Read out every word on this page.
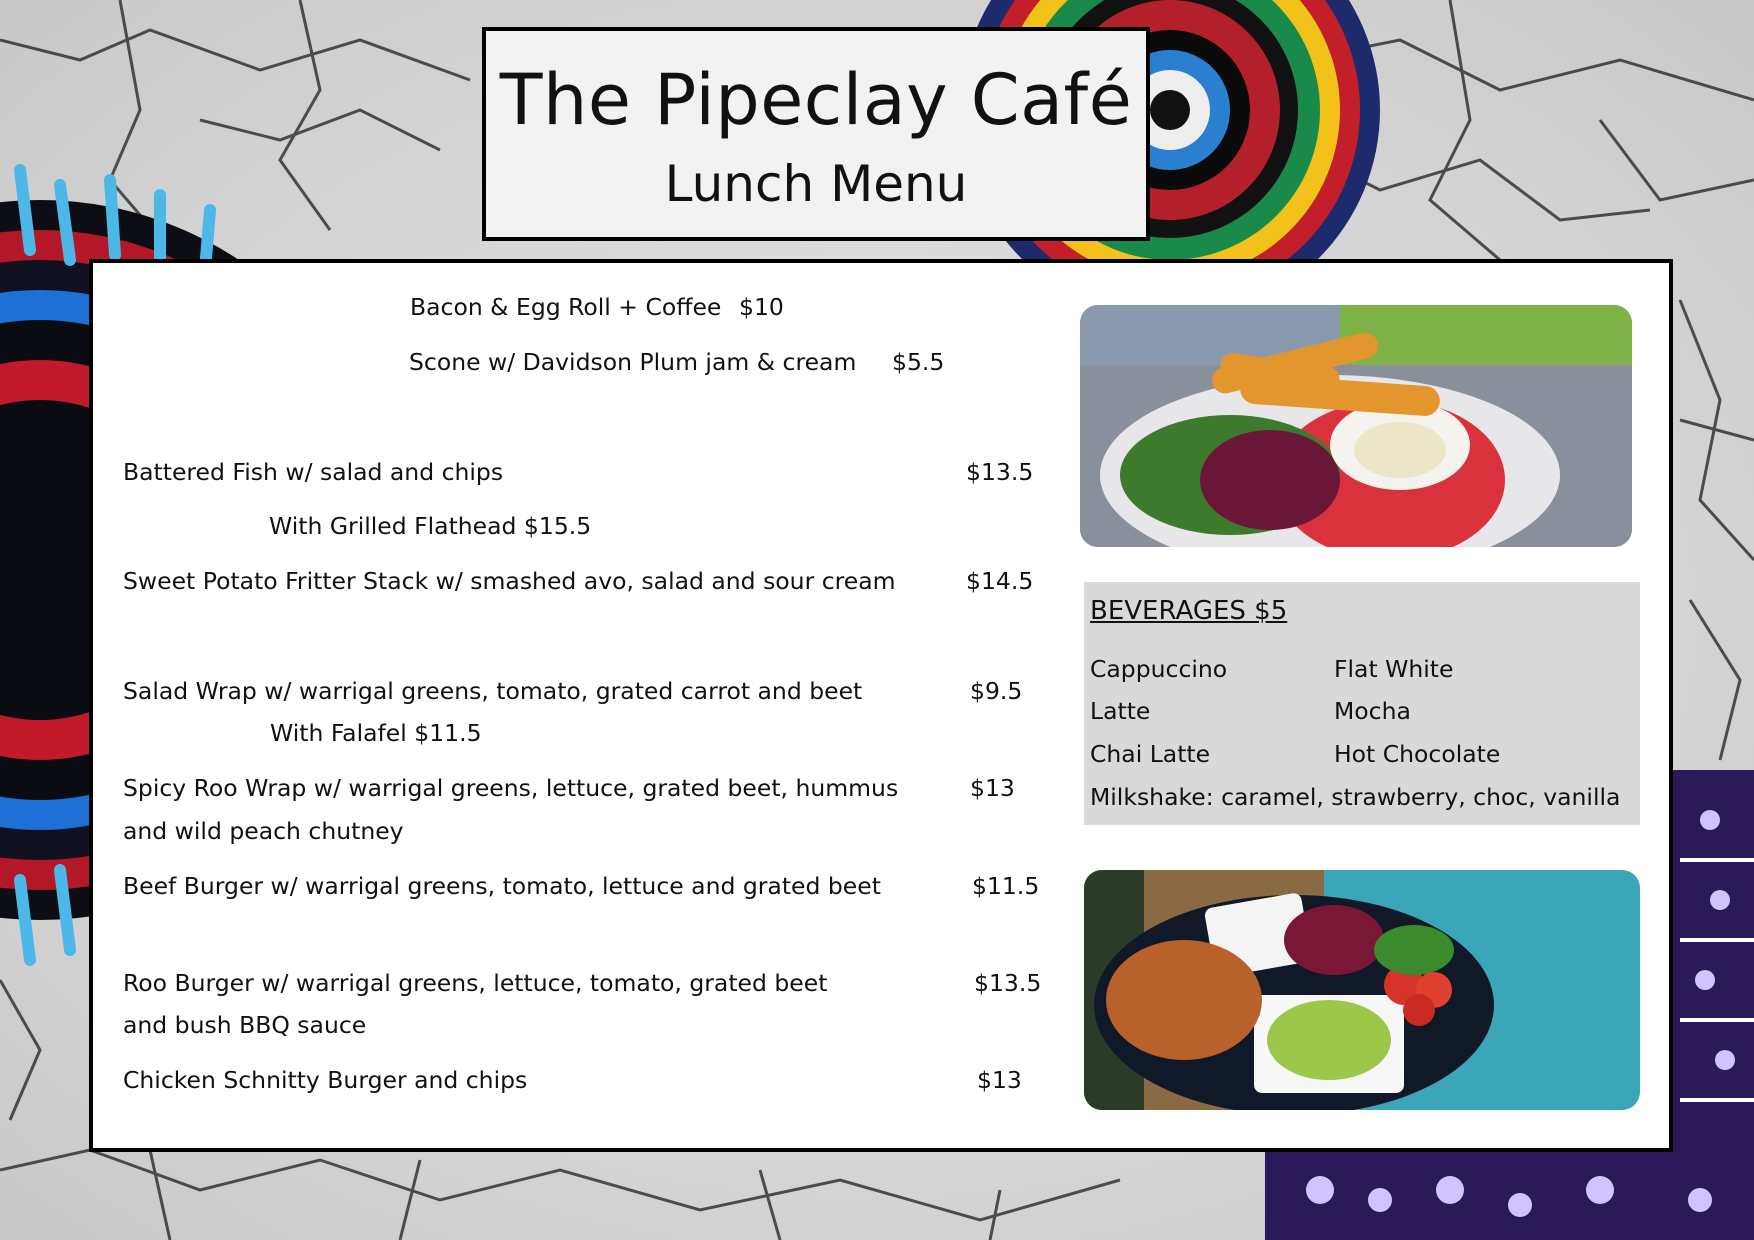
The Pipeclay Café
Lunch Menu
Bacon & Egg Roll + Coffee $10
Scone w/ Davidson Plum jam & cream $5.5
Battered Fish w/ salad and chips	$13.5
With Grilled Flathead $15.5
Sweet Potato Fritter Stack w/ smashed avo, salad and sour cream	$14.5
Salad Wrap w/ warrigal greens, tomato, grated carrot and beet	$9.5
With Falafel $11.5
Spicy Roo Wrap w/ warrigal greens, lettuce, grated beet, hummus	$13
and wild peach chutney
Beef Burger w/ warrigal greens, tomato, lettuce and grated beet	$11.5
Roo Burger w/ warrigal greens, lettuce, tomato, grated beet	$13.5
and bush BBQ sauce
Chicken Schnitty Burger and chips	$13
BEVERAGES $5
Cappuccino	Flat White
Latte	Mocha
Chai Latte	Hot Chocolate
Milkshake: caramel, strawberry, choc, vanilla
